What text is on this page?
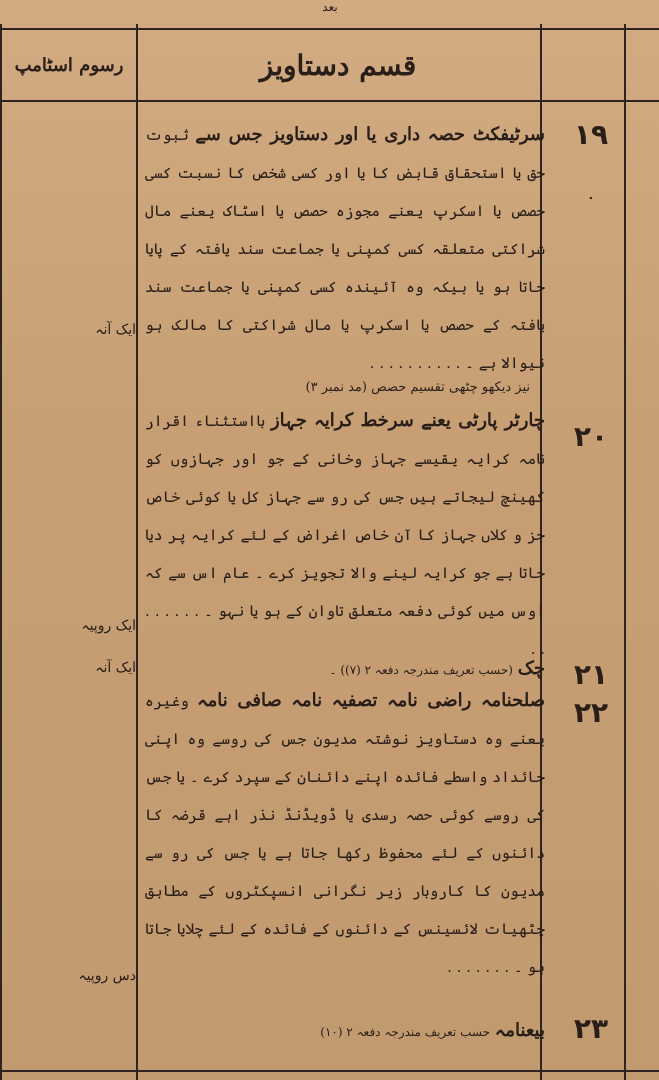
بعد
رسوم اسٹامپ	قسم دستاویز
١٩
.
ایک آنہ
سرٹیفکٹ حصہ داری یا اور دستاویز جس سے ثبوت حق یا استحقاق قابض کا یا اور کسی شخص کا نسبت کسی حصص یا اسکرپ یعنے مجوزہ حصص یا اسٹاک یعنے مال شراکتی متعلقہ کسی کمپنی یا جماعت سند یافتہ کے پایا جاتا ہو یا بیکہ وہ آئیندہ کسی کمپنی یا جماعت سند یافتہ کے حصص یا اسکرپ یا مال شراکتی کا مالک ہو نیوالا ہے ۔ . . . . . . . . . .
نیز دیکھو چٹھی تقسیم حصص (مد نمبر ۳)
٢٠
ایک روپیہ
چارٹر پارٹی یعنے سرخط کرایہ جہاز بااستثناء اقرار نامہ کرایہ یقیسے جہاز وخانی کے جو اور جہازوں کو کھینچ لیجاتے ہیں جس کی رو سے جہاز کل یا کوئی خاص جز و کلاں جہاز کا آن خاص اغراض کے لئے کرایہ پر دیا جاتا ہے جو کرایہ لینے والا تجویز کرے ۔ عام اس سے کہ اوس میں کوئی دفعہ متعلق تاوان کے ہو یا نہو ۔ . . . . . . . .
٢١
ایک آنہ	چک (حسب تعریف مندرجہ دفعہ ۲ (۷)) ۔
٢٢
دس روپیہ
صلحنامہ راضی نامہ تصفیہ نامہ صافی نامہ وغیرہ یعنے وہ دستاویز نوشتہ مدیون جس کی روسے وہ اپنی جائداد واسطے فائدہ اپنے دائنان کے سپرد کرے ۔ یا جس کی روسے کوئی حصہ رسدی یا ڈویڈنڈ نذر اہے قرضہ کا دائنوں کے لئے محفوظ رکھا جاتا ہے یا جس کی رو سے مدیون کا کاروبار زیر نگرانی انسپکٹروں کے مطابق چٹھیات لائسینس کے دائنوں کے فائدہ کے لئے چلایا جاتا ہو ۔ . . . . . . .
٢٣
بیعنامہ حسب تعریف مندرجہ دفعہ ۲ (۱۰)
